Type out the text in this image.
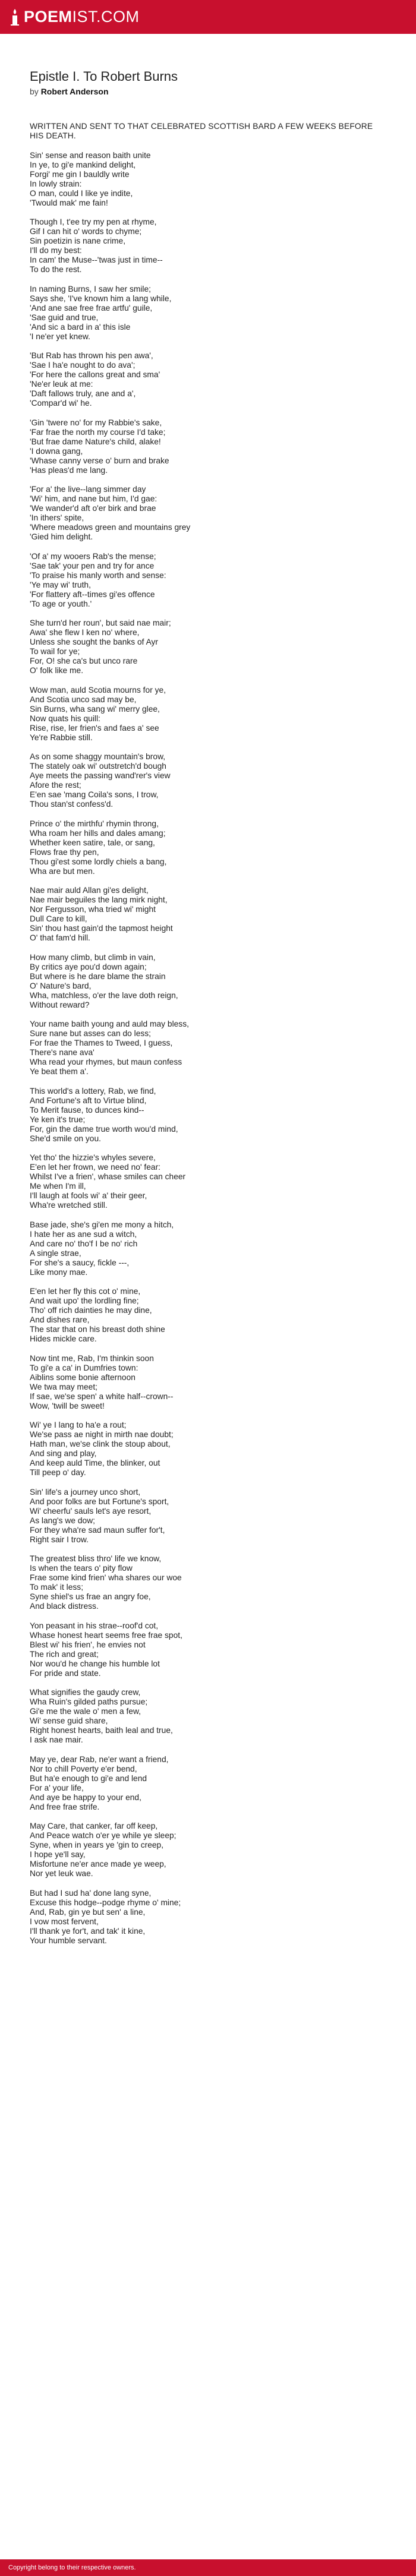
POEMIST.COM
Epistle I. To Robert Burns
by Robert Anderson
WRITTEN AND SENT TO THAT CELEBRATED SCOTTISH BARD A FEW WEEKS BEFORE HIS DEATH.
Sin' sense and reason baith unite
In ye, to gi'e mankind delight,
Forgi' me gin I bauldly write
In lowly strain:
O man, could I like ye indite,
'Twould mak' me fain!
Though I, t'ee try my pen at rhyme,
Gif I can hit o' words to chyme;
Sin poetizin is nane crime,
I'll do my best:
In cam' the Muse--'twas just in time--
To do the rest.
In naming Burns, I saw her smile;
Says she, 'I've known him a lang while,
'And ane sae free frae artfu' guile,
'Sae guid and true,
'And sic a bard in a' this isle
'I ne'er yet knew.
'But Rab has thrown his pen awa',
'Sae I ha'e nought to do ava';
'For here the callons great and sma'
'Ne'er leuk at me:
'Daft fallows truly, ane and a',
'Compar'd wi' he.
'Gin 'twere no' for my Rabbie's sake,
'Far frae the north my course I'd take;
'But frae dame Nature's child, alake!
'I downa gang,
'Whase canny verse o' burn and brake
'Has pleas'd me lang.
'For a' the live--lang simmer day
'Wi' him, and nane but him, I'd gae:
'We wander'd aft o'er birk and brae
'In ithers' spite,
'Where meadows green and mountains grey
'Gied him delight.
'Of a' my wooers Rab's the mense;
'Sae tak' your pen and try for ance
'To praise his manly worth and sense:
'Ye may wi' truth,
'For flattery aft--times gi'es offence
'To age or youth.'
She turn'd her roun', but said nae mair;
Awa' she flew I ken no' where,
Unless she sought the banks of Ayr
To wail for ye;
For, O! she ca's but unco rare
O' folk like me.
Wow man, auld Scotia mourns for ye,
And Scotia unco sad may be,
Sin Burns, wha sang wi' merry glee,
Now quats his quill:
Rise, rise, ler frien's and faes a' see
Ye're Rabbie still.
As on some shaggy mountain's brow,
The stately oak wi' outstretch'd bough
Aye meets the passing wand'rer's view
Afore the rest;
E'en sae 'mang Coila's sons, I trow,
Thou stan'st confess'd.
Prince o' the mirthfu' rhymin throng,
Wha roam her hills and dales amang;
Whether keen satire, tale, or sang,
Flows frae thy pen,
Thou gi'est some lordly chiels a bang,
Wha are but men.
Nae mair auld Allan gi'es delight,
Nae mair beguiles the lang mirk night,
Nor Fergusson, wha tried wi' might
Dull Care to kill,
Sin' thou hast gain'd the tapmost height
O' that fam'd hill.
How many climb, but climb in vain,
By critics aye pou'd down again;
But where is he dare blame the strain
O' Nature's bard,
Wha, matchless, o'er the lave doth reign,
Without reward?
Your name baith young and auld may bless,
Sure nane but asses can do less;
For frae the Thames to Tweed, I guess,
There's nane ava'
Wha read your rhymes, but maun confess
Ye beat them a'.
This world's a lottery, Rab, we find,
And Fortune's aft to Virtue blind,
To Merit fause, to dunces kind--
Ye ken it's true;
For, gin the dame true worth wou'd mind,
She'd smile on you.
Yet tho' the hizzie's whyles severe,
E'en let her frown, we need no' fear:
Whilst I've a frien', whase smiles can cheer
Me when I'm ill,
I'll laugh at fools wi' a' their geer,
Wha're wretched still.
Base jade, she's gi'en me mony a hitch,
I hate her as ane sud a witch,
And care no' tho'f I be no' rich
A single strae,
For she's a saucy, fickle ---,
Like mony mae.
E'en let her fly this cot o' mine,
And wait upo' the lordling fine;
Tho' off rich dainties he may dine,
And dishes rare,
The star that on his breast doth shine
Hides mickle care.
Now tint me, Rab, I'm thinkin soon
To gi'e a ca' in Dumfries town:
Aiblins some bonie afternoon
We twa may meet;
If sae, we'se spen' a white half--crown--
Wow, 'twill be sweet!
Wi' ye I lang to ha'e a rout;
We'se pass ae night in mirth nae doubt;
Hath man, we'se clink the stoup about,
And sing and play,
And keep auld Time, the blinker, out
Till peep o' day.
Sin' life's a journey unco short,
And poor folks are but Fortune's sport,
Wi' cheerfu' sauls let's aye resort,
As lang's we dow;
For they wha're sad maun suffer for't,
Right sair I trow.
The greatest bliss thro' life we know,
Is when the tears o' pity flow
Frae some kind frien' wha shares our woe
To mak' it less;
Syne shiel's us frae an angry foe,
And black distress.
Yon peasant in his strae--roof'd cot,
Whase honest heart seems free frae spot,
Blest wi' his frien', he envies not
The rich and great;
Nor wou'd he change his humble lot
For pride and state.
What signifies the gaudy crew,
Wha Ruin's gilded paths pursue;
Gi'e me the wale o' men a few,
Wi' sense guid share,
Right honest hearts, baith leal and true,
I ask nae mair.
May ye, dear Rab, ne'er want a friend,
Nor to chill Poverty e'er bend,
But ha'e enough to gi'e and lend
For a' your life,
And aye be happy to your end,
And free frae strife.
May Care, that canker, far off keep,
And Peace watch o'er ye while ye sleep;
Syne, when in years ye 'gin to creep,
I hope ye'll say,
Misfortune ne'er ance made ye weep,
Nor yet leuk wae.
But had I sud ha' done lang syne,
Excuse this hodge--podge rhyme o' mine;
And, Rab, gin ye but sen' a line,
I vow most fervent,
I'll thank ye for't, and tak' it kine,
Your humble servant.
Copyright belong to their respective owners.
